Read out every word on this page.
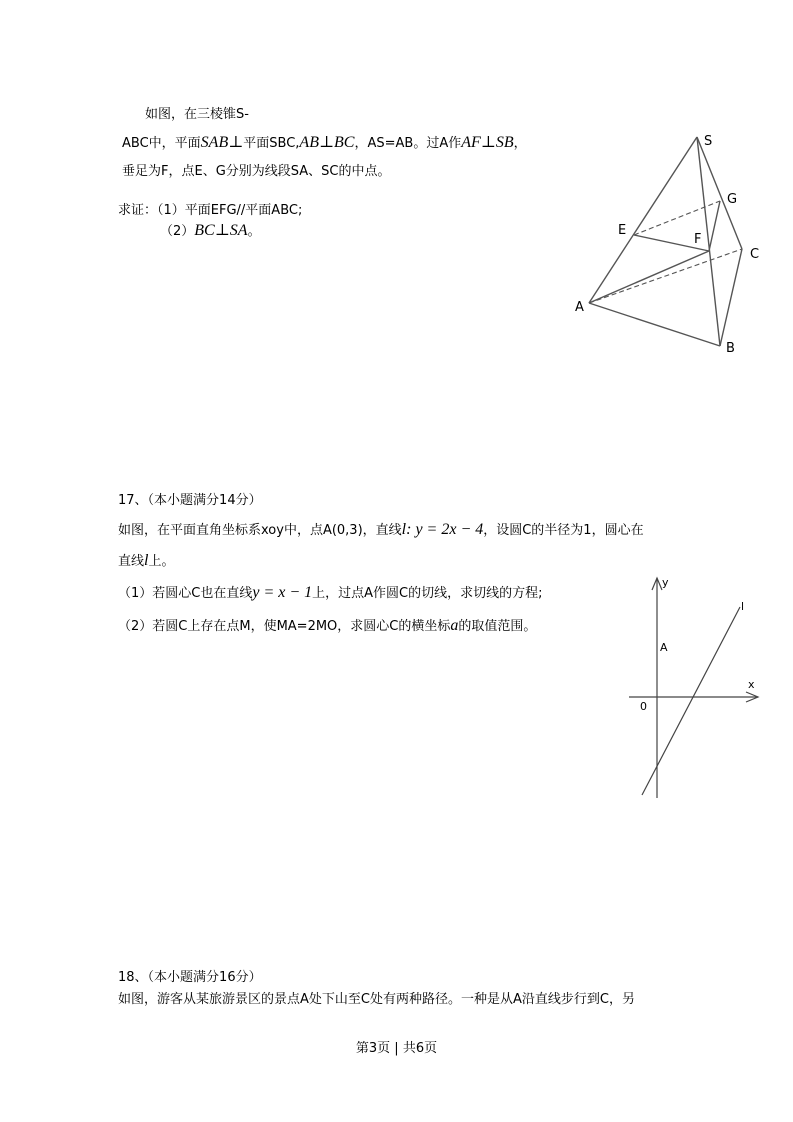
如图，在三棱锥S-
ABC中，平面SAB⊥平面SBC,AB⊥BC，AS=AB。过A作AF⊥SB，
垂足为F，点E、G分别为线段SA、SC的中点。
求证：（1）平面EFG//平面ABC;
（2）BC⊥SA。
S
G
E
F
C
A
B
17、（本小题满分14分）
如图，在平面直角坐标系xoy中，点A(0,3)，直线l: y = 2x − 4，设圆C的半径为1，圆心在
直线l上。
（1）若圆心C也在直线y = x − 1上，过点A作圆C的切线，求切线的方程;
（2）若圆C上存在点M，使MA=2MO，求圆心C的横坐标a的取值范围。
y
x
A
0
l
18、（本小题满分16分）
如图，游客从某旅游景区的景点A处下山至C处有两种路径。一种是从A沿直线步行到C，另
第3页 | 共6页
